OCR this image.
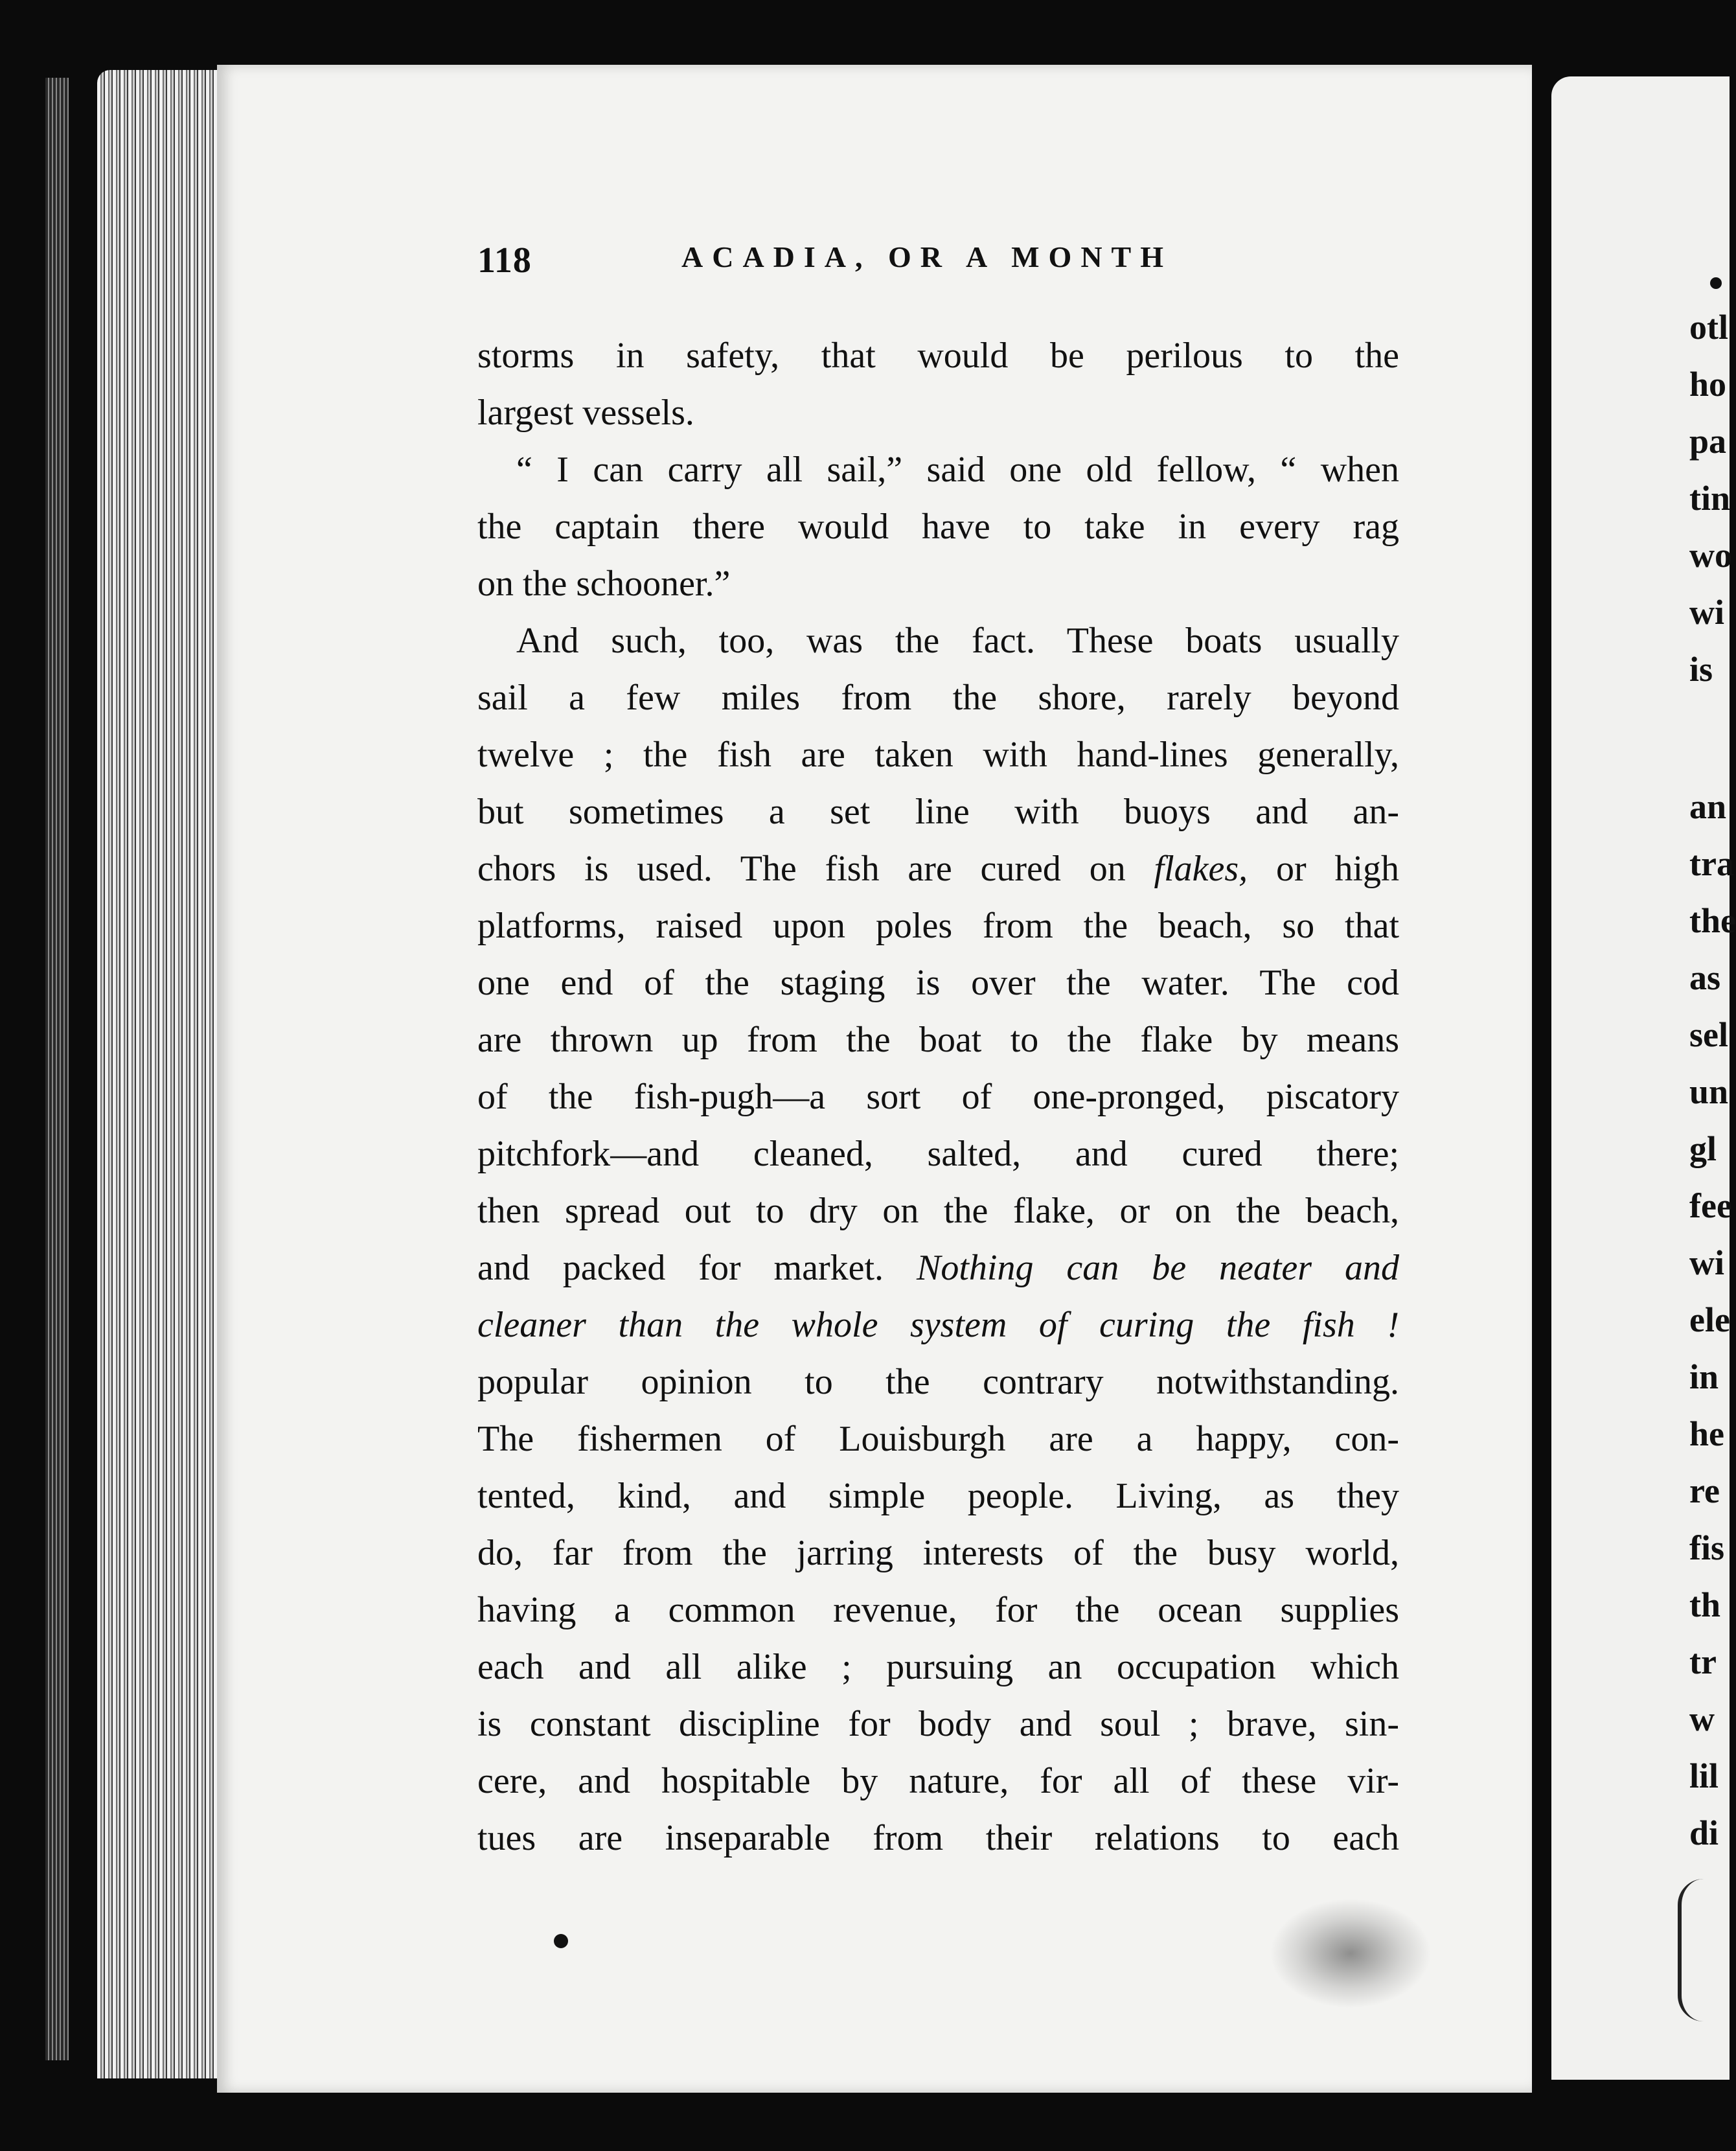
118	ACADIA, OR A MONTH
storms in safety, that would be perilous to the
largest vessels.
“ I can carry all sail,” said one old fellow, “ when
the captain there would have to take in every rag
on the schooner.”
And such, too, was the fact. These boats usually
sail a few miles from the shore, rarely beyond
twelve ; the fish are taken with hand-lines generally,
but sometimes a set line with buoys and an-
chors is used. The fish are cured on flakes, or high
platforms, raised upon poles from the beach, so that
one end of the staging is over the water. The cod
are thrown up from the boat to the flake by means
of the fish-pugh—a sort of one-pronged, piscatory
pitchfork—and cleaned, salted, and cured there;
then spread out to dry on the flake, or on the beach,
and packed for market. Nothing can be neater and
cleaner than the whole system of curing the fish !
popular opinion to the contrary notwithstanding.
The fishermen of Louisburgh are a happy, con-
tented, kind, and simple people. Living, as they
do, far from the jarring interests of the busy world,
having a common revenue, for the ocean supplies
each and all alike ; pursuing an occupation which
is constant discipline for body and soul ; brave, sin-
cere, and hospitable by nature, for all of these vir-
tues are inseparable from their relations to each
otl
ho
pa
tin
wo
wi
is
an
tra
the
as
sel
un
gl
fee
wi
ele
in
he
re
fis
th
tr
w
lil
di
